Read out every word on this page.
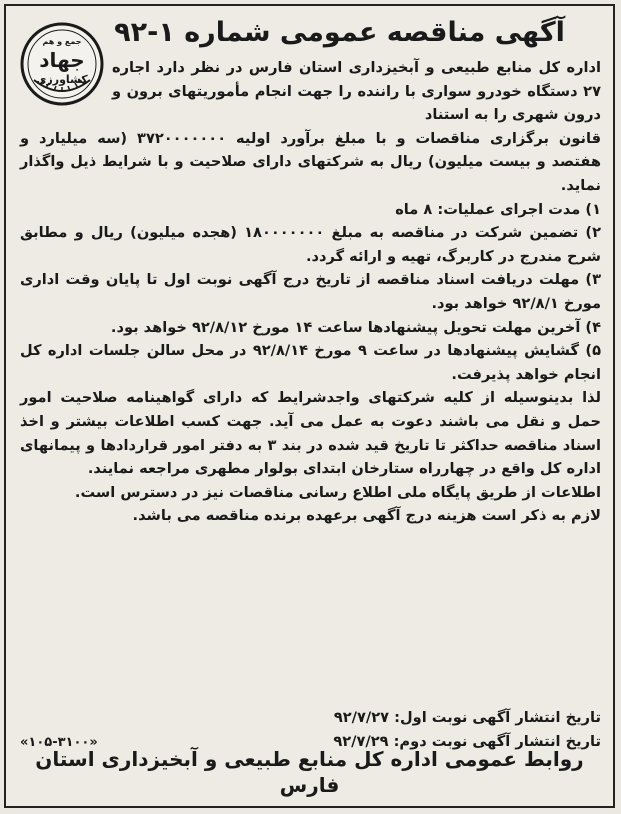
جمع و هم
جهاد
کشاورزی
آگهی مناقصه عمومی شماره ۱-۹۲

اداره کل منابع طبیعی و آبخیزداری استان فارس در نظر دارد اجاره ۲۷ دستگاه خودرو سواری با راننده را جهت انجام مأموریتهای برون و درون شهری را به استناد

قانون برگزاری مناقصات و با مبلغ برآورد اولیه ۳۷۲۰۰۰۰۰۰۰ (سه میلیارد و هفتصد و بیست میلیون) ریال به شرکتهای دارای صلاحیت و با شرایط ذیل واگذار نماید.

۱) مدت اجرای عملیات: ۸ ماه

۲) تضمین شرکت در مناقصه به مبلغ ۱۸۰۰۰۰۰۰۰ (هجده میلیون) ریال و مطابق شرح مندرج در کاربرگ، تهیه و ارائه گردد.

۳) مهلت دریافت اسناد مناقصه از تاریخ درج آگهی نوبت اول تا پایان وقت اداری مورخ ۹۲/۸/۱ خواهد بود.

۴) آخرین مهلت تحویل پیشنهادها ساعت ۱۴ مورخ ۹۲/۸/۱۲ خواهد بود.

۵) گشایش پیشنهادها در ساعت ۹ مورخ ۹۲/۸/۱۴ در محل سالن جلسات اداره کل انجام خواهد پذیرفت.

لذا بدینوسیله از کلیه شرکتهای واجدشرایط که دارای گواهینامه صلاحیت امور حمل و نقل می باشند دعوت به عمل می آید. جهت کسب اطلاعات بیشتر و اخذ اسناد مناقصه حداکثر تا تاریخ قید شده در بند ۳ به دفتر امور قراردادها و پیمانهای اداره کل واقع در چهارراه ستارخان ابتدای بولوار مطهری مراجعه نمایند.

اطلاعات از طریق پایگاه ملی اطلاع رسانی مناقصات نیز در دسترس است.

لازم به ذکر است هزینه درج آگهی برعهده برنده مناقصه می باشد.

تاریخ انتشار آگهی نوبت اول: ۹۲/۷/۲۷
تاریخ انتشار آگهی نوبت دوم: ۹۲/۷/۲۹
«۱۰۵-۳۱۰۰»
روابط عمومی اداره کل منابع طبیعی و آبخیزداری استان فارس
